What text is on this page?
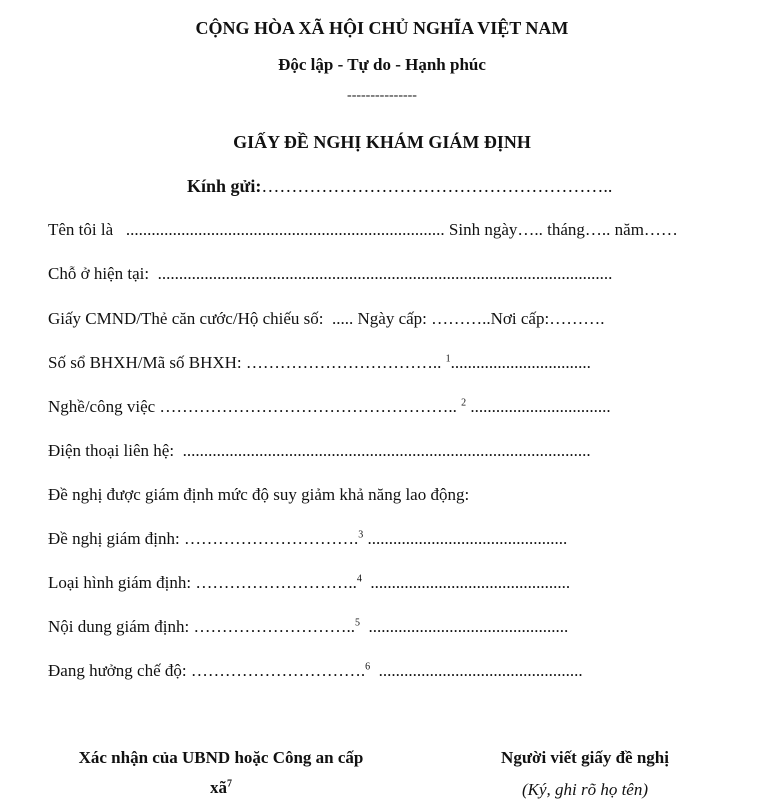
CỘNG HÒA XÃ HỘI CHỦ NGHĨA VIỆT NAM
Độc lập - Tự do - Hạnh phúc
---------------
GIẤY ĐỀ NGHỊ KHÁM GIÁM ĐỊNH
Kính gửi:…………………………………………………..
Tên tôi là ........................................................................... Sinh ngày….. tháng….. năm……
Chỗ ở hiện tại: ...........................................................................................................
Giấy CMND/Thẻ căn cước/Hộ chiếu số: ..... Ngày cấp: ………..Nơi cấp:……….
Số sổ BHXH/Mã số BHXH: …………………………….. $^1$.................................
Nghề/công việc …………………………………………….. $^2$ .................................
Điện thoại liên hệ: ................................................................................................
Đề nghị được giám định mức độ suy giảm khả năng lao động:
Đề nghị giám định: ………………………….$^3$ ...............................................
Loại hình giám định: ………………………..$^4$ ...............................................
Nội dung giám định: ………………………..$^5$ ...............................................
Đang hưởng chế độ: ………………………….$^6$ ................................................
Xác nhận của UBND hoặc Công an cấp
$xã^7$
Người viết giấy đề nghị
(Ký, ghi rõ họ tên)
